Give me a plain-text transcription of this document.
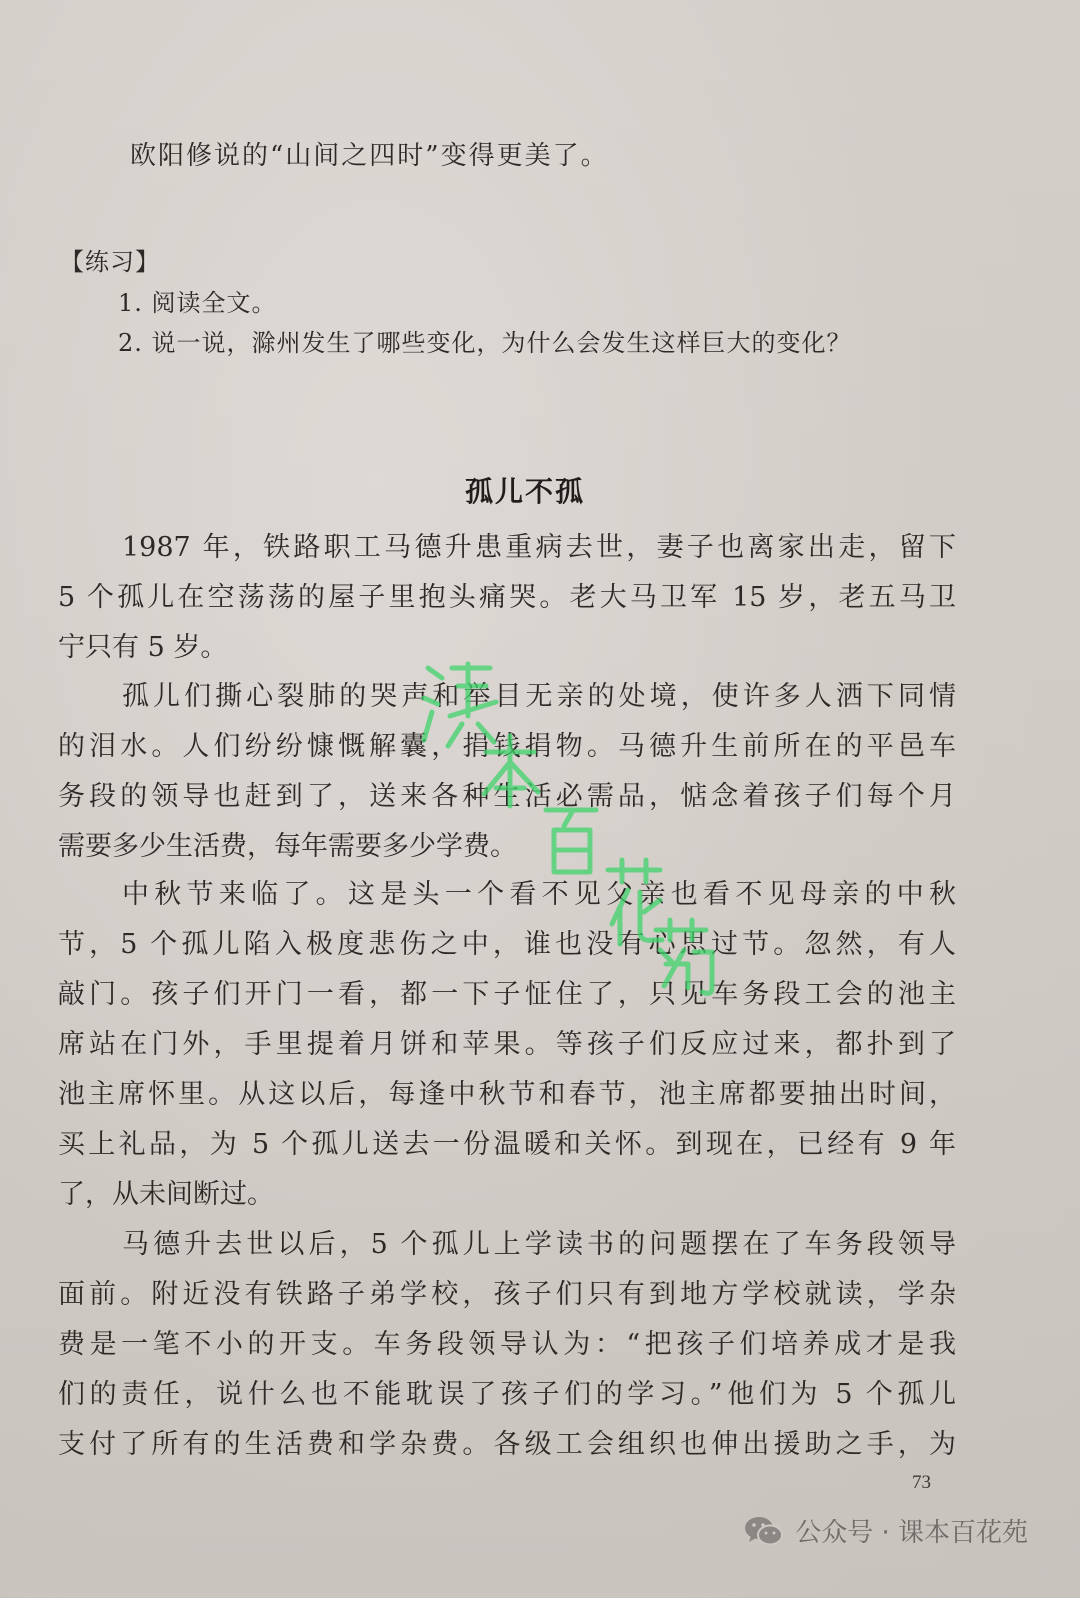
欧阳修说的“山间之四时”变得更美了。
【练习】
1. 阅读全文。
2. 说一说，滁州发生了哪些变化，为什么会发生这样巨大的变化？
孤儿不孤
1987 年，铁路职工马德升患重病去世，妻子也离家出走，留下
5 个孤儿在空荡荡的屋子里抱头痛哭。老大马卫军 15 岁，老五马卫
宁只有 5 岁。
孤儿们撕心裂肺的哭声和举目无亲的处境，使许多人洒下同情
的泪水。人们纷纷慷慨解囊，捐钱捐物。马德升生前所在的平邑车
务段的领导也赶到了，送来各种生活必需品，惦念着孩子们每个月
需要多少生活费，每年需要多少学费。
中秋节来临了。这是头一个看不见父亲也看不见母亲的中秋
节，5 个孤儿陷入极度悲伤之中，谁也没有心思过节。忽然，有人
敲门。孩子们开门一看，都一下子怔住了，只见车务段工会的池主
席站在门外，手里提着月饼和苹果。等孩子们反应过来，都扑到了
池主席怀里。从这以后，每逢中秋节和春节，池主席都要抽出时间，
买上礼品，为 5 个孤儿送去一份温暖和关怀。到现在，已经有 9 年
了，从未间断过。
马德升去世以后，5 个孤儿上学读书的问题摆在了车务段领导
面前。附近没有铁路子弟学校，孩子们只有到地方学校就读，学杂
费是一笔不小的开支。车务段领导认为：“把孩子们培养成才是我
们的责任，说什么也不能耽误了孩子们的学习。”他们为 5 个孤儿
支付了所有的生活费和学杂费。各级工会组织也伸出援助之手，为
73
公众号 · 课本百花苑
